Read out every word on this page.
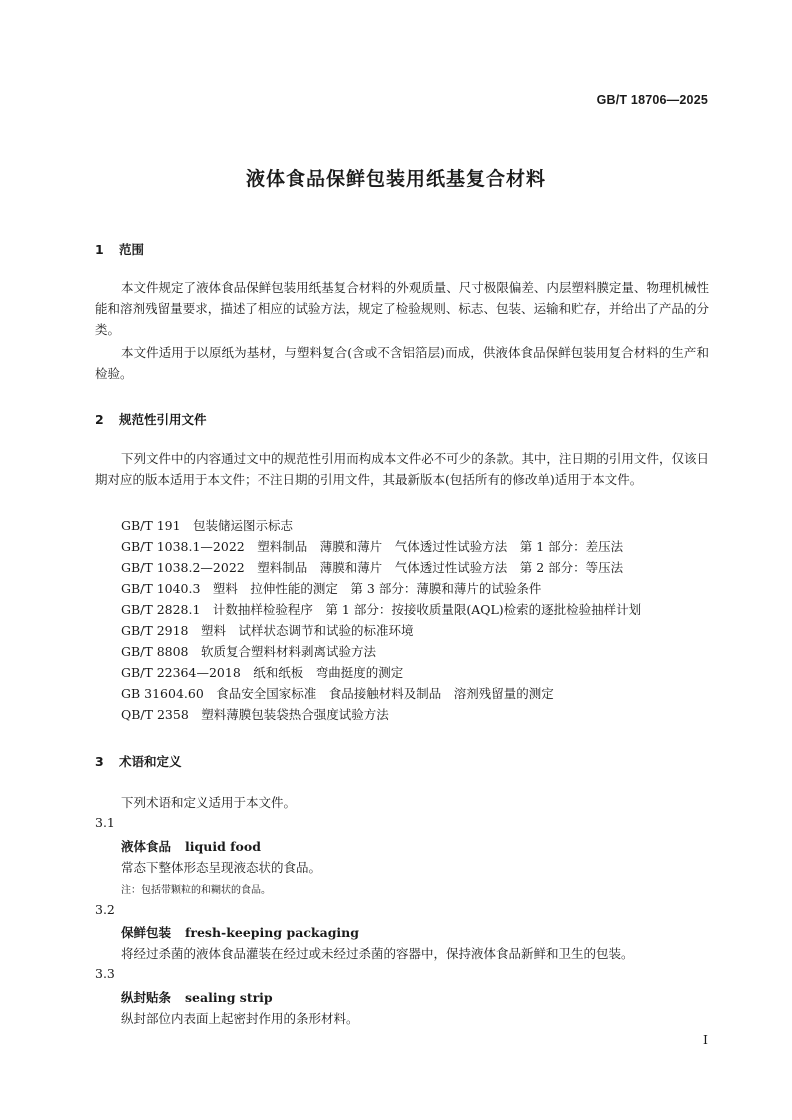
GB/T 18706—2025
液体食品保鲜包装用纸基复合材料
1 范围
本文件规定了液体食品保鲜包装用纸基复合材料的外观质量、尺寸极限偏差、内层塑料膜定量、物理机械性能和溶剂残留量要求，描述了相应的试验方法，规定了检验规则、标志、包装、运输和贮存，并给出了产品的分类。
本文件适用于以原纸为基材，与塑料复合(含或不含铝箔层)而成，供液体食品保鲜包装用复合材料的生产和检验。
2 规范性引用文件
下列文件中的内容通过文中的规范性引用而构成本文件必不可少的条款。其中，注日期的引用文件，仅该日期对应的版本适用于本文件；不注日期的引用文件，其最新版本(包括所有的修改单)适用于本文件。
GB/T 191　包装储运图示标志
GB/T 1038.1—2022　塑料制品　薄膜和薄片　气体透过性试验方法　第 1 部分：差压法
GB/T 1038.2—2022　塑料制品　薄膜和薄片　气体透过性试验方法　第 2 部分：等压法
GB/T 1040.3　塑料　拉伸性能的测定　第 3 部分：薄膜和薄片的试验条件
GB/T 2828.1　计数抽样检验程序　第 1 部分：按接收质量限(AQL)检索的逐批检验抽样计划
GB/T 2918　塑料　试样状态调节和试验的标准环境
GB/T 8808　软质复合塑料材料剥离试验方法
GB/T 22364—2018　纸和纸板　弯曲挺度的测定
GB 31604.60　食品安全国家标准　食品接触材料及制品　溶剂残留量的测定
QB/T 2358　塑料薄膜包装袋热合强度试验方法
3 术语和定义
下列术语和定义适用于本文件。
3.1
液体食品 liquid food
常态下整体形态呈现液态状的食品。
注：包括带颗粒的和糊状的食品。
3.2
保鲜包装 fresh-keeping packaging
将经过杀菌的液体食品灌装在经过或未经过杀菌的容器中，保持液体食品新鲜和卫生的包装。
3.3
纵封贴条 sealing strip
纵封部位内表面上起密封作用的条形材料。
I
